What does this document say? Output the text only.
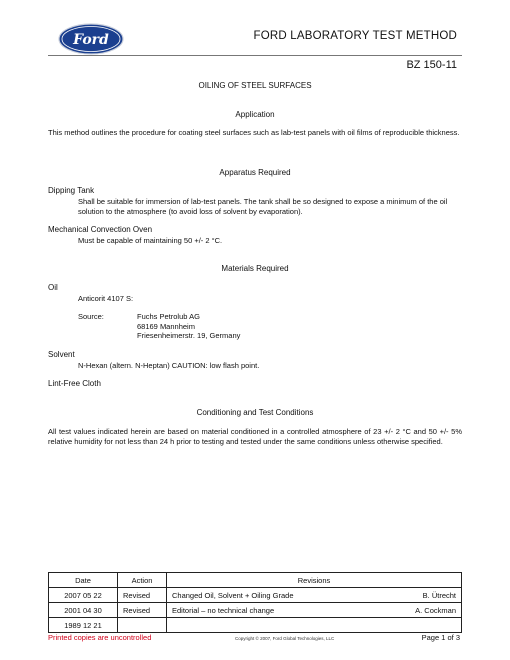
Ford	FORD LABORATORY TEST METHOD
BZ 150-11
OILING OF STEEL SURFACES
Application
This method outlines the procedure for coating steel surfaces such as lab-test panels with oil films of reproducible thickness.
Apparatus Required
Dipping Tank
Shall be suitable for immersion of lab-test panels. The tank shall be so designed to expose a minimum of the oil solution to the atmosphere (to avoid loss of solvent by evaporation).
Mechanical Convection Oven
Must be capable of maintaining 50 +/- 2 °C.
Materials Required
Oil
Anticorit 4107 S:
Source:	Fuchs Petrolub AG
68169 Mannheim
Friesenheimerstr. 19, Germany
Solvent
N-Hexan (altern. N-Heptan) CAUTION: low flash point.
Lint-Free Cloth
Conditioning and Test Conditions
All test values indicated herein are based on material conditioned in a controlled atmosphere of 23 +/- 2 °C and 50 +/- 5% relative humidity for not less than 24 h prior to testing and tested under the same conditions unless otherwise specified.
Date	Action	Revisions
2007 05 22	Revised	Changed Oil, Solvent + Oiling Grade B. Ütrecht

2001 04 30	Revised	Editorial – no technical change A. Cockman

1989 12 21		
Printed copies are uncontrolled	Copyright © 2007, Ford Global Technologies, LLC	Page 1 of 3
